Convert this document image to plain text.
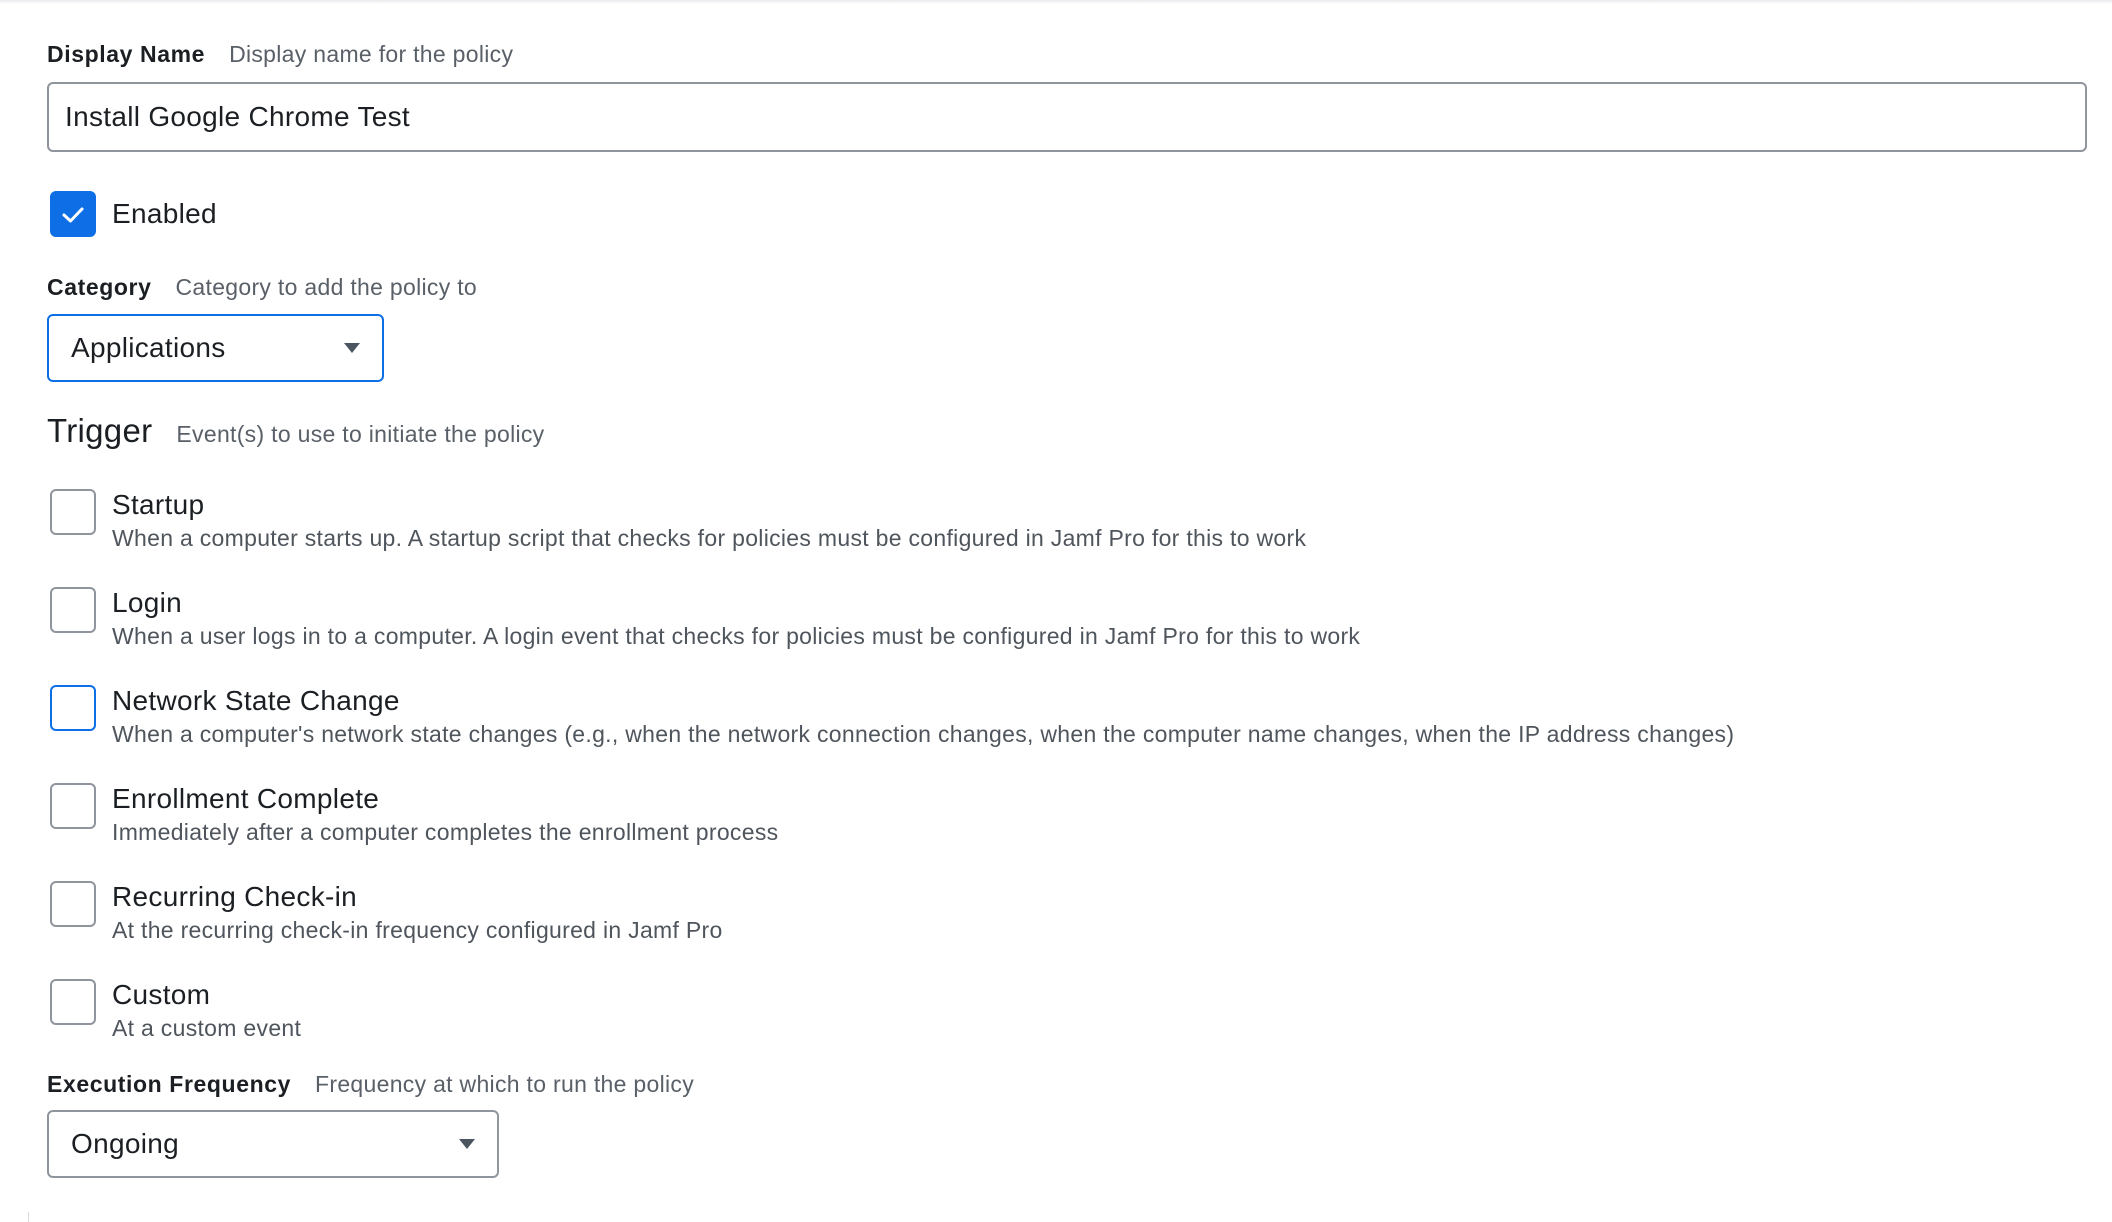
Display Name Display name for the policy
Install Google Chrome Test
Enabled
Category Category to add the policy to
Applications
Trigger Event(s) to use to initiate the policy
Startup
When a computer starts up. A startup script that checks for policies must be configured in Jamf Pro for this to work
Login
When a user logs in to a computer. A login event that checks for policies must be configured in Jamf Pro for this to work
Network State Change
When a computer's network state changes (e.g., when the network connection changes, when the computer name changes, when the IP address changes)
Enrollment Complete
Immediately after a computer completes the enrollment process
Recurring Check-in
At the recurring check-in frequency configured in Jamf Pro
Custom
At a custom event
Execution Frequency Frequency at which to run the policy
Ongoing
